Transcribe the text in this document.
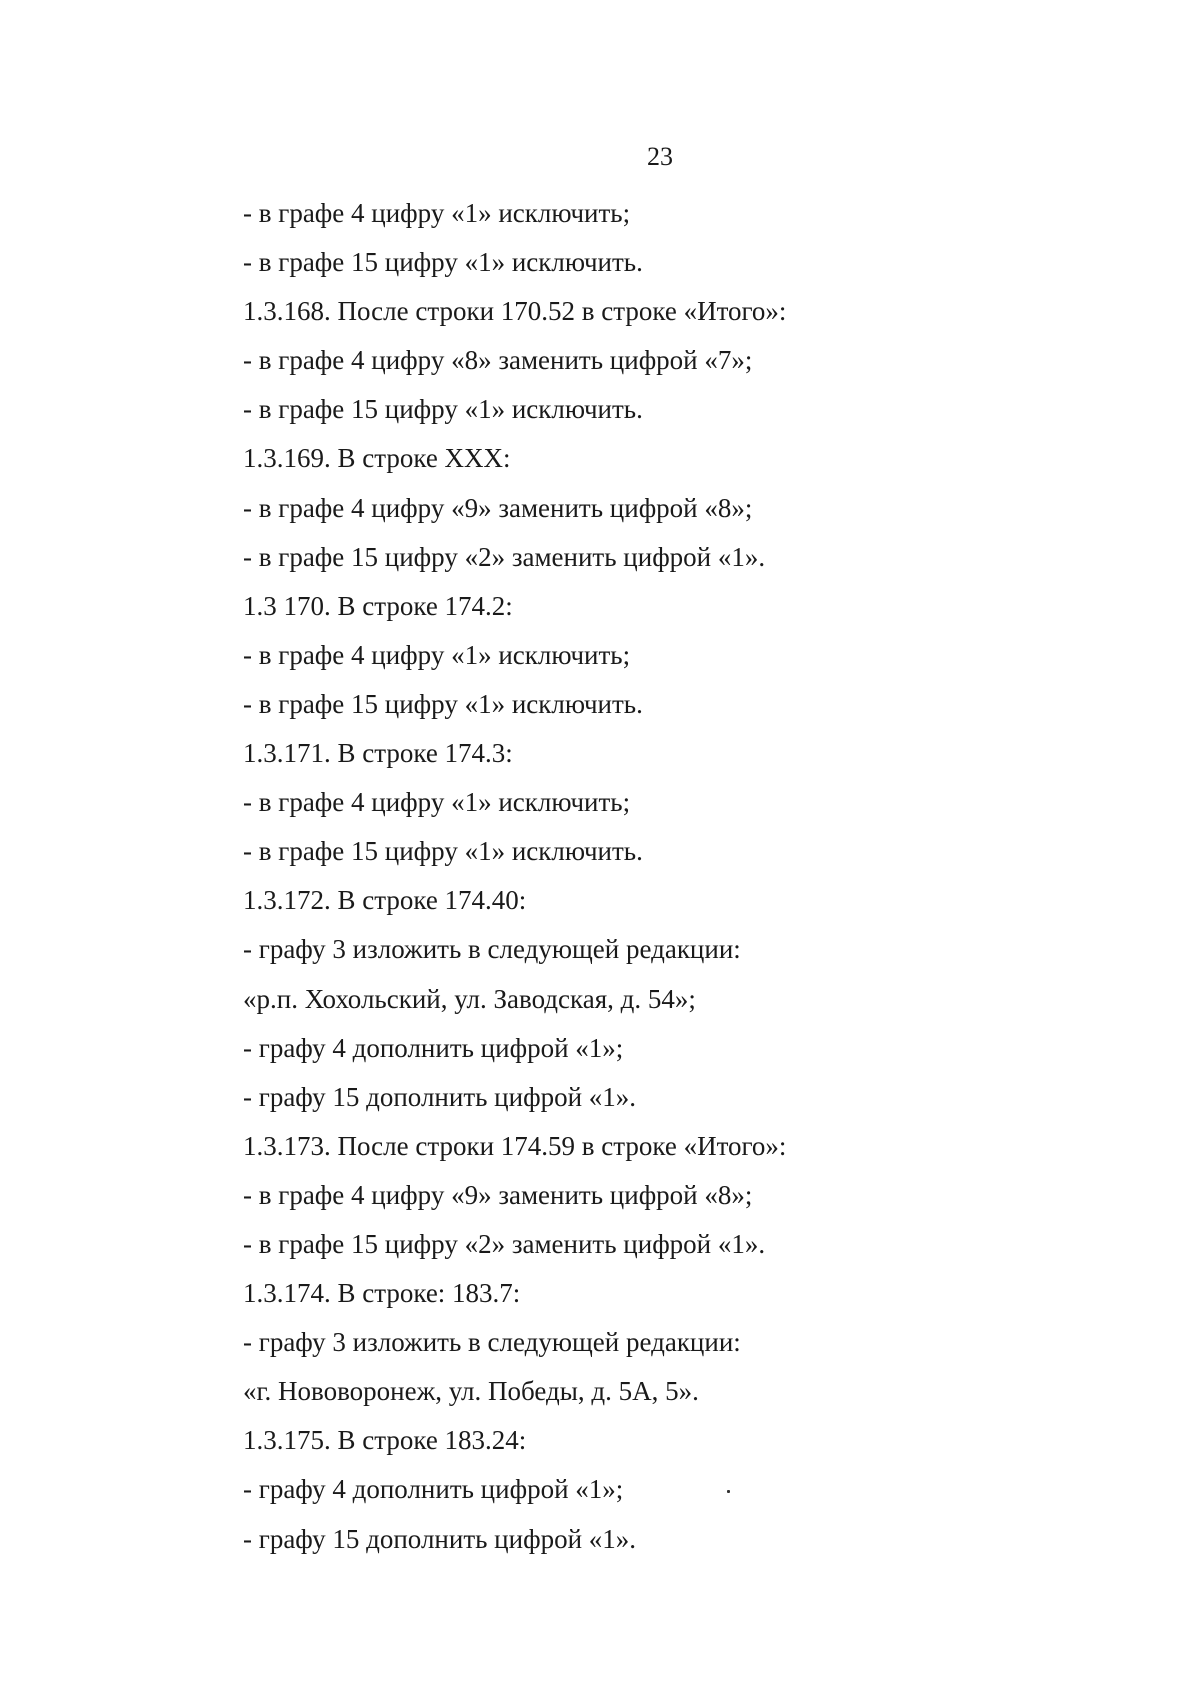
23
- в графе 4 цифру «1» исключить;
- в графе 15 цифру «1» исключить.
1.3.168. После строки 170.52 в строке «Итого»:
- в графе 4 цифру «8» заменить цифрой «7»;
- в графе 15 цифру «1» исключить.
1.3.169. В строке XXX:
- в графе 4 цифру «9» заменить цифрой «8»;
- в графе 15 цифру «2» заменить цифрой «1».
1.3 170. В строке 174.2:
- в графе 4 цифру «1» исключить;
- в графе 15 цифру «1» исключить.
1.3.171. В строке 174.3:
- в графе 4 цифру «1» исключить;
- в графе 15 цифру «1» исключить.
1.3.172. В строке 174.40:
- графу 3 изложить в следующей редакции:
«р.п. Хохольский, ул. Заводская, д. 54»;
- графу 4 дополнить цифрой «1»;
- графу 15 дополнить цифрой «1».
1.3.173. После строки 174.59 в строке «Итого»:
- в графе 4 цифру «9» заменить цифрой «8»;
- в графе 15 цифру «2» заменить цифрой «1».
1.3.174. В строке: 183.7:
- графу 3 изложить в следующей редакции:
«г. Нововоронеж, ул. Победы, д. 5А, 5».
1.3.175. В строке 183.24:
- графу 4 дополнить цифрой «1»;
- графу 15 дополнить цифрой «1».
